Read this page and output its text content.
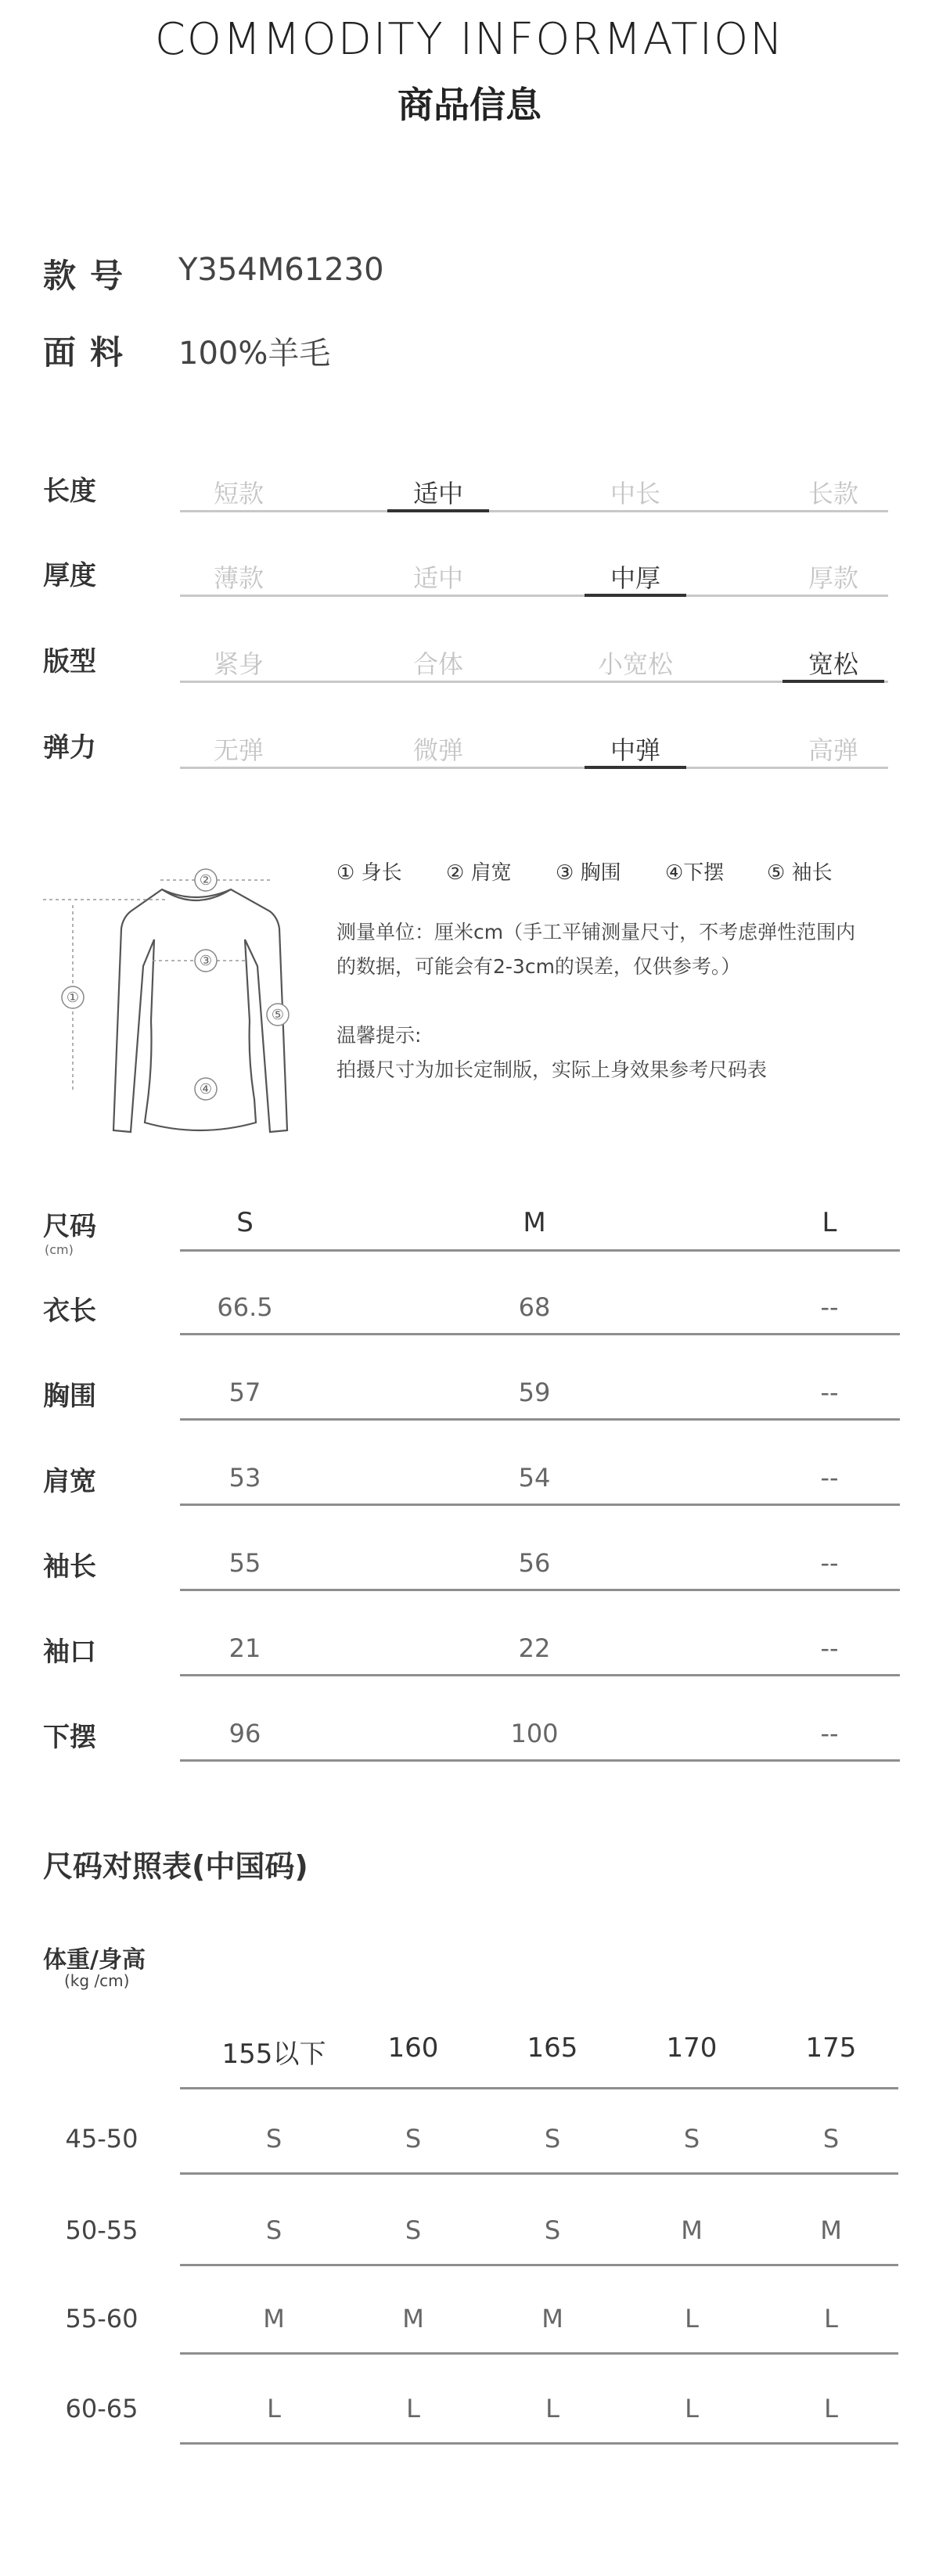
COMMODITY INFORMATION
商品信息
款号 Y354M61230
面料 100%羊毛
长度	短款	适中	中长	长款
厚度	薄款	适中	中厚	厚款
版型	紧身	合体	小宽松	宽松
弹力	无弹	微弹	中弹	高弹
①
②
③
④
⑤
① 身长 ② 肩宽 ③ 胸围 ④下摆 ⑤ 袖长
测量单位：厘米cm（手工平铺测量尺寸，不考虑弹性范围内
的数据，可能会有2-3cm的误差，仅供参考。）
温馨提示:
拍摄尺寸为加长定制版，实际上身效果参考尺码表
尺码
(cm)
S	M	L
衣长	66.5	68	--
胸围	57	59	--
肩宽	53	54	--
袖长	55	56	--
袖口	21	22	--
下摆	96	100	--
尺码对照表(中国码)
体重/身高
(kg /cm)
155以下	160	165	170	175
45-50	S	S	S	S	S
50-55	S	S	S	M	M
55-60	M	M	M	L	L
60-65	L	L	L	L	L
